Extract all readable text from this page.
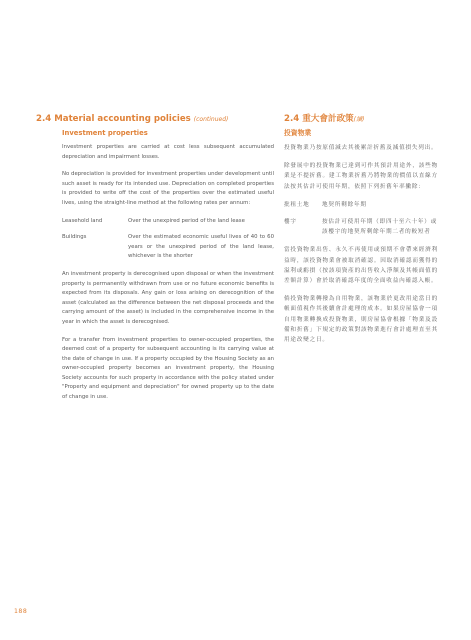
2.4 Material accounting policies (continued)
Investment properties
Investment properties are carried at cost less subsequent accumulated depreciation and impairment losses.
No depreciation is provided for investment properties under development until such asset is ready for its intended use. Depreciation on completed properties is provided to write off the cost of the properties over the estimated useful lives, using the straight-line method at the following rates per annum:
Leasehold land	Over the unexpired period of the land lease
Buildings	Over the estimated economic useful lives of 40 to 60 years or the unexpired period of the land lease, whichever is the shorter
An investment property is derecognised upon disposal or when the investment property is permanently withdrawn from use or no future economic benefits is expected from its disposals. Any gain or loss arising on derecognition of the asset (calculated as the difference between the net disposal proceeds and the carrying amount of the asset) is included in the comprehensive income in the year in which the asset is derecognised.
For a transfer from investment properties to owner-occupied properties, the deemed cost of a property for subsequent accounting is its carrying value at the date of change in use. If a property occupied by the Housing Society as an owner-occupied property becomes an investment property, the Housing Society accounts for such property in accordance with the policy stated under "Property and equipment and depreciation" for owned property up to the date of change in use.
2.4 重大會計政策(續)
投資物業
投資物業乃按原值減去其後累計折舊及減值損失列出。
除發展中的投資物業已達到可作其預計用途外，該些物業是不提折舊。建工物業折舊乃將物業的價值以直線方法按其估計可使用年期，依照下列折舊年率撇除：
批租土地	地契所剩餘年期
樓宇	按估計可使用年期（即四十至六十年）或該樓宇的地契所剩餘年期二者的較短者
當投資物業出售、永久不再使用或預期不會帶來經濟利益時，該投資物業會被取消確認。因取消確認而獲得的溢利或虧損（按該項資產的出售收入淨額及其帳面值的差額計算）會於取消確認年度的全面收益內確認入帳。
倘投資物業轉撥為自用物業，該物業於更改用途當日的帳面值視作其後續會計處理的成本。如果房屋協會一項自用物業轉換成投資物業，則房屋協會根據「物業及設備和折舊」下規定的政策對該物業進行會計處理直至其用途改變之日。
188
